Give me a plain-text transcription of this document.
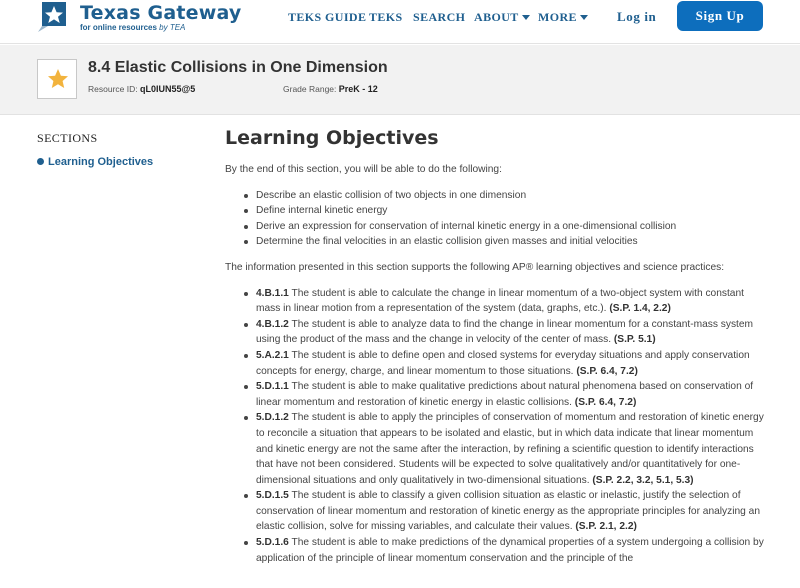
Texas Gateway
for online resources by TEA
TEKS GUIDE TEKS SEARCH ABOUT	MORE	Log in	Sign Up
8.4 Elastic Collisions in One Dimension
Resource ID: qL0IUN55@5	Grade Range: PreK - 12
SECTIONS
Learning Objectives
Learning Objectives

By the end of this section, you will be able to do the following:

Describe an elastic collision of two objects in one dimension
Define internal kinetic energy
Derive an expression for conservation of internal kinetic energy in a one-dimensional collision
Determine the final velocities in an elastic collision given masses and initial velocities

The information presented in this section supports the following AP® learning objectives and science practices:

4.B.1.1 The student is able to calculate the change in linear momentum of a two-object system with constant mass in linear motion from a representation of the system (data, graphs, etc.). (S.P. 1.4, 2.2)
4.B.1.2 The student is able to analyze data to find the change in linear momentum for a constant-mass system using the product of the mass and the change in velocity of the center of mass. (S.P. 5.1)
5.A.2.1 The student is able to define open and closed systems for everyday situations and apply conservation concepts for energy, charge, and linear momentum to those situations. (S.P. 6.4, 7.2)
5.D.1.1 The student is able to make qualitative predictions about natural phenomena based on conservation of linear momentum and restoration of kinetic energy in elastic collisions. (S.P. 6.4, 7.2)
5.D.1.2 The student is able to apply the principles of conservation of momentum and restoration of kinetic energy to reconcile a situation that appears to be isolated and elastic, but in which data indicate that linear momentum and kinetic energy are not the same after the interaction, by refining a scientific question to identify interactions that have not been considered. Students will be expected to solve qualitatively and/or quantitatively for one-dimensional situations and only qualitatively in two-dimensional situations. (S.P. 2.2, 3.2, 5.1, 5.3)
5.D.1.5 The student is able to classify a given collision situation as elastic or inelastic, justify the selection of conservation of linear momentum and restoration of kinetic energy as the appropriate principles for analyzing an elastic collision, solve for missing variables, and calculate their values. (S.P. 2.1, 2.2)
5.D.1.6 The student is able to make predictions of the dynamical properties of a system undergoing a collision by application of the principle of linear momentum conservation and the principle of the
